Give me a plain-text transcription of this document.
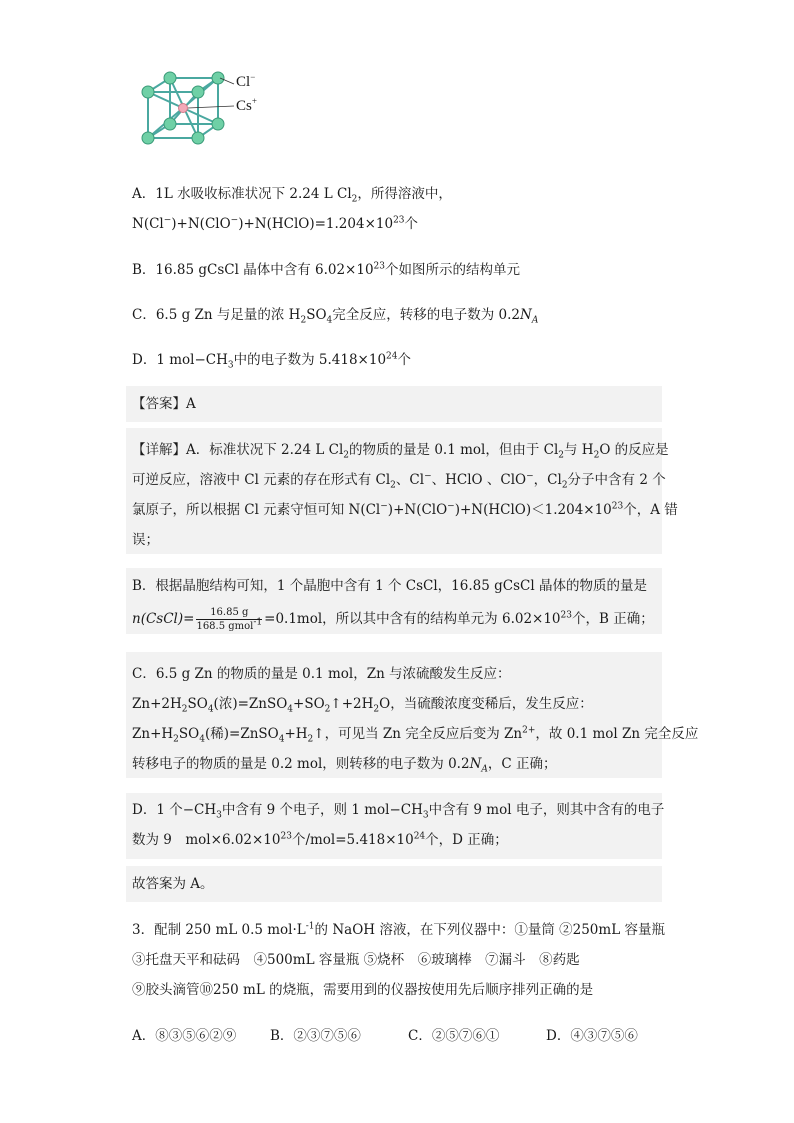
Cl−
Cs+
A．1L 水吸收标准状况下 2.24 L $Cl_2$，所得溶液中，
$N(Cl^-)+N(ClO^-)+N(HClO)=1.204\times 10^{23}$个
B．16.85 gCsCl 晶体中含有 $6.02\times 10^{23}$个如图所示的结构单元
C．6.5 g Zn 与足量的浓 $H_2SO_4$完全反应，转移的电子数为 $0.2N_A$
D．1 $mol-CH_3$中的电子数为 $5.418\times 10^{24}$个
【答案】A
【详解】A．标准状况下 2.24 L $Cl_2$的物质的量是 0.1 mol，但由于 $Cl_2$与 $H_2O$ 的反应是
可逆反应，溶液中 Cl 元素的存在形式有 $Cl_2$、Cl−、HClO 、ClO−，$Cl_2$分子中含有 2 个
氯原子，所以根据 Cl 元素守恒可知 $N(Cl^-)+N(ClO^-)+N(HClO)<1.204\times 10^{23}$个，A 错
误；
B．根据晶胞结构可知，1 个晶胞中含有 1 个 CsCl，16.85 gCsCl 晶体的物质的量是
n(CsCl)= $\frac{16.85 g}{168.5 gmol^{-1}} =0.1mol$，所以其中含有的结构单元为 $6.02\times 10^{23}$个，B 正确；
C．6.5 g Zn 的物质的量是 0.1 mol，Zn 与浓硫酸发生反应：
$Zn+2H_2SO_4$(浓)$=ZnSO_4+SO_2↑+2H_2O$，当硫酸浓度变稀后，发生反应：
$Zn+H_2SO_4$(稀)$=ZnSO_4+H_2↑$，可见当 Zn 完全反应后变为 $Zn^{2+}$，故 0.1 mol Zn 完全反应
转移电子的物质的量是 0.2 mol，则转移的电子数为 $0.2N_A$，C 正确；
D．1 个$-CH_3$中含有 9 个电子，则 1 $mol-CH_3$中含有 9 mol 电子，则其中含有的电子
数为 9　$mol\times 6.02\times 10^{23}$个$/mol=5.418\times 10^{24}$个，D 正确；
故答案为 A。
3．配制 250 mL 0.5 $mol\cdot L^{-1}$的 NaOH 溶液，在下列仪器中：①量筒 ②250mL 容量瓶
③托盘天平和砝码　④500mL 容量瓶 ⑤烧杯　⑥玻璃棒　⑦漏斗　⑧药匙
⑨胶头滴管⑩250 mL 的烧瓶，需要用到的仪器按使用先后顺序排列正确的是
A．⑧③⑤⑥②⑨	B．②③⑦⑤⑥	C．②⑤⑦⑥①	D．④③⑦⑤⑥
